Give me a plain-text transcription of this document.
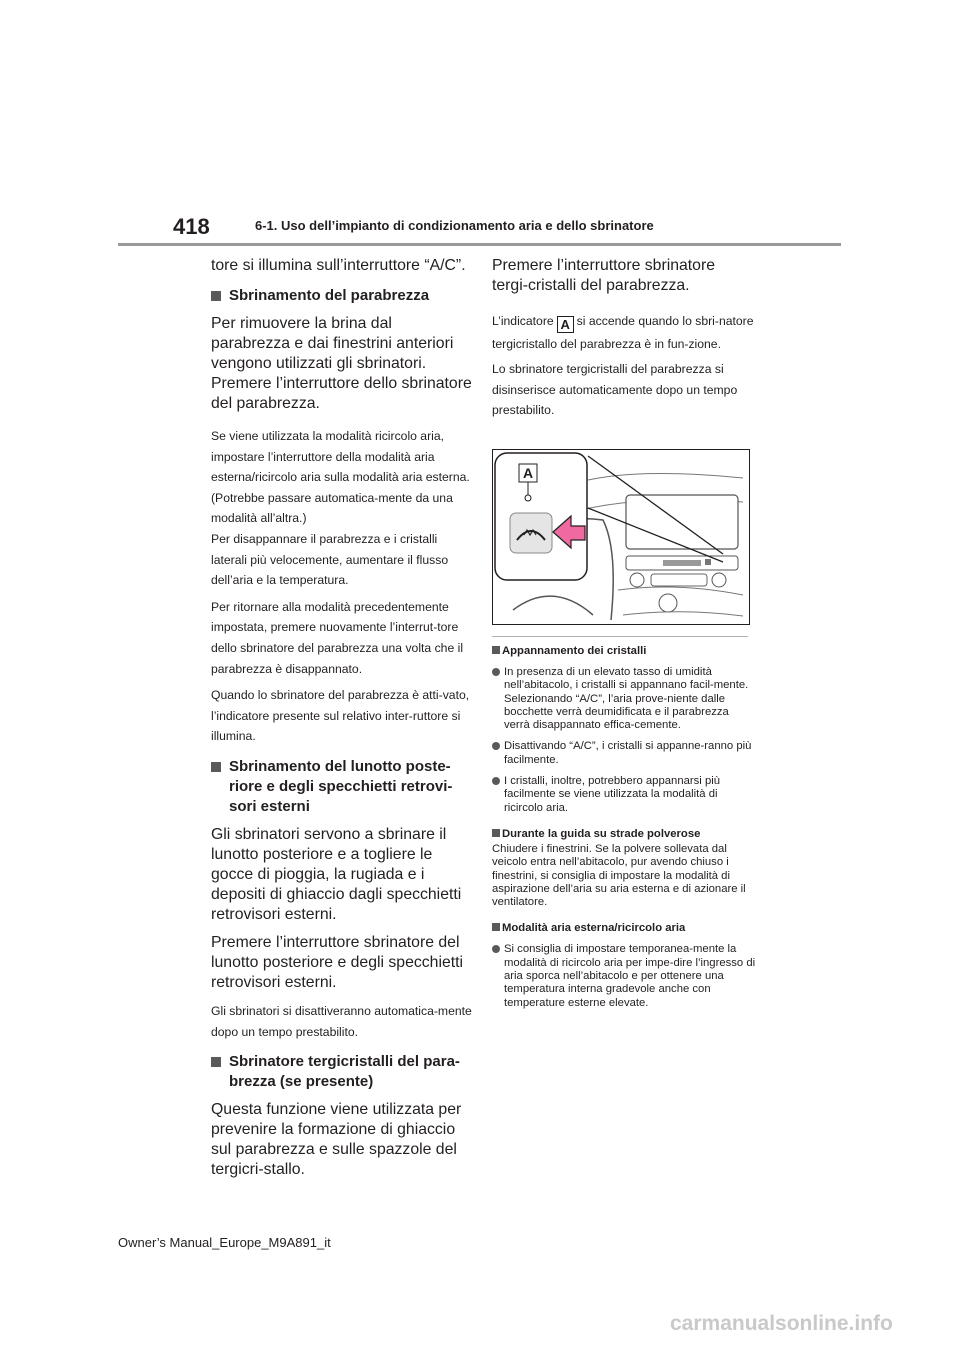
418	6-1. Uso dell’impianto di condizionamento aria e dello sbrinatore

tore si illumina sull’interruttore “A/C”.

Sbrinamento del parabrezza

Per rimuovere la brina dal parabrezza e dai finestrini anteriori vengono utilizzati gli sbrinatori.

Premere l’interruttore dello sbrinatore del parabrezza.

Se viene utilizzata la modalità ricircolo aria, impostare l’interruttore della modalità aria esterna/ricircolo aria sulla modalità aria esterna. (Potrebbe passare automatica-mente da una modalità all’altra.)

Per disappannare il parabrezza e i cristalli laterali più velocemente, aumentare il flusso dell’aria e la temperatura.

Per ritornare alla modalità precedentemente impostata, premere nuovamente l’interrut-tore dello sbrinatore del parabrezza una volta che il parabrezza è disappannato.

Quando lo sbrinatore del parabrezza è atti-vato, l’indicatore presente sul relativo inter-ruttore si illumina.

Sbrinamento del lunotto poste-riore e degli specchietti retrovi-sori esterni

Gli sbrinatori servono a sbrinare il lunotto posteriore e a togliere le gocce di pioggia, la rugiada e i depositi di ghiaccio dagli specchietti retrovisori esterni.

Premere l’interruttore sbrinatore del lunotto posteriore e degli specchietti retrovisori esterni.

Gli sbrinatori si disattiveranno automatica-mente dopo un tempo prestabilito.

Sbrinatore tergicristalli del para-brezza (se presente)

Questa funzione viene utilizzata per prevenire la formazione di ghiaccio sul parabrezza e sulle spazzole del tergicri-stallo.

Premere l’interruttore sbrinatore tergi-cristalli del parabrezza.

L’indicatore A si accende quando lo sbri-natore tergicristallo del parabrezza è in fun-zione.

Lo sbrinatore tergicristalli del parabrezza si disinserisce automaticamente dopo un tempo prestabilito.

A

Appannamento dei cristalli

In presenza di un elevato tasso di umidità nell’abitacolo, i cristalli si appannano facil-mente. Selezionando “A/C”, l’aria prove-niente dalle bocchette verrà deumidificata e il parabrezza verrà disappannato effica-cemente.

Disattivando “A/C”, i cristalli si appanne-ranno più facilmente.

I cristalli, inoltre, potrebbero appannarsi più facilmente se viene utilizzata la modalità di ricircolo aria.

Durante la guida su strade polverose

Chiudere i finestrini. Se la polvere sollevata dal veicolo entra nell’abitacolo, pur avendo chiuso i finestrini, si consiglia di impostare la modalità di aspirazione dell’aria su aria esterna e di azionare il ventilatore.

Modalità aria esterna/ricircolo aria

Si consiglia di impostare temporanea-mente la modalità di ricircolo aria per impe-dire l’ingresso di aria sporca nell’abitacolo e per ottenere una temperatura interna gradevole anche con temperature esterne elevate.

Owner’s Manual_Europe_M9A891_it
carmanualsonline.info
